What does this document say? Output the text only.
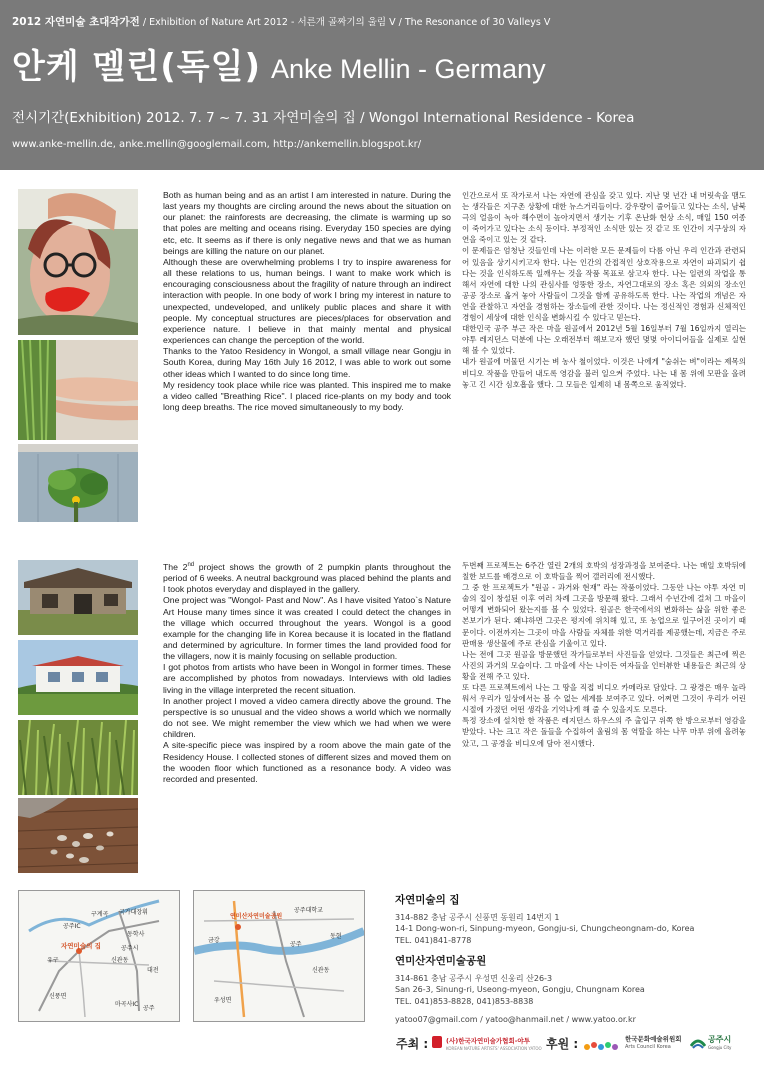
2012 자연미술 초대작가전 / Exhibition of Nature Art 2012 - 서른개 골짜기의 울림 Ⅴ / The Resonance of 30 Valleys Ⅴ
안케 멜린(독일) Anke Mellin - Germany
전시기간(Exhibition) 2012. 7. 7 ~ 7. 31 자연미술의 집 / Wongol International Residence - Korea
www.anke-mellin.de, anke.mellin@googlemail.com, http://ankemellin.blogspot.kr/

Both as human being and as an artist I am interested in nature. During the last years my thoughts are circling around the news about the situation on our planet: the rainforests are decreasing, the climate is warming up so that poles are melting and oceans rising. Everyday 150 species are dying etc, etc. It seems as if there is only negative news and that we as human beings are killing the nature on our planet.

Although these are overwhelming problems I try to inspire awareness for all these relations to us, human beings. I want to make work which is encouraging consciousness about the fragility of nature through an indirect interaction with people. In one body of work I bring my interest in nature to unexpected, undeveloped, and unlikely public places and share it with people. My conceptual structures are pieces/places for observation and experience nature. I believe in that mainly mental and physical experiences can change the perception of the world.

Thanks to the Yatoo Residency in Wongol, a small village near Gongju in South Korea, during May 16th July 16 2012, I was able to work out some other ideas which I wanted to do since long time.

My residency took place while rice was planted. This inspired me to make a video called "Breathing Rice". I placed rice-plants on my body and took long deep breaths. The rice moved simultaneously to my body.

인간으로서 또 작가로서 나는 자연에 관심을 갖고 있다. 지난 몇 년간 내 머릿속을 맴도는 생각들은 지구촌 상황에 대한 뉴스거리들이다. 강우량이 줄어들고 있다는 소식, 남북극의 얼음이 녹아 해수면이 높아지면서 생기는 기후 온난화 현상 소식, 매일 150 여종이 죽어가고 있다는 소식 등이다. 부정적인 소식만 있는 것 같고 또 인간이 지구상의 자연을 죽이고 있는 것 같다.

이 문제들은 엄청난 것들인데 나는 이러한 모든 문제들이 다름 아닌 우리 인간과 관련되어 있음을 상기시키고자 한다. 나는 인간의 간접적인 상호작용으로 자연이 파괴되기 쉽다는 것을 인식하도록 일깨우는 것을 작품 목표로 삼고자 한다. 나는 일련의 작업을 통해서 자연에 대한 나의 관심사를 엉뚱한 장소, 자연그대로의 장소 혹은 의외의 장소인 공공 장소로 옮겨 놓아 사람들이 그것을 함께 공유하도록 한다. 나는 작업의 개념은 자연을 관찰하고 자연을 경험하는 장소들에 관한 것이다. 나는 정신적인 경험과 신체적인 경험이 세상에 대한 인식을 변화시킬 수 있다고 믿는다.

대한민국 공주 부근 작은 마을 원골에서 2012년 5월 16일부터 7월 16일까지 열리는 야투 레지던스 덕분에 나는 오래전부터 해보고자 했던 몇몇 아이디어들을 실제로 실현해 볼 수 있었다.

내가 원골에 머물던 시기는 벼 농사 철이었다. 이것은 나에게 "숨쉬는 벼"이라는 제목의 비디오 작품을 만들어 내도록 영감을 불러 일으켜 주었다. 나는 내 몸 위에 모판을 올려놓고 긴 시간 심호흡을 했다. 그 모들은 일제히 내 몸쪽으로 움직였다.

The 2nd project shows the growth of 2 pumpkin plants throughout the period of 6 weeks. A neutral background was placed behind the plants and I took photos everyday and displayed in the gallery.

One project was "Wongol- Past and Now". As I have visited Yatoo`s Nature Art House many times since it was created I could detect the changes in the village which occurred throughout the years. Wongol is a good example for the changing life in Korea because it is located in the flatland and determined by agriculture. In former times the land provided food for the villagers, now it is mainly focusing on sellable production.

I got photos from artists who have been in Wongol in former times. These are accomplished by photos from nowadays. Interviews with old ladies living in the village interpreted the recent situation.

In another project I moved a video camera directly above the ground. The perspective is so unusual and the video shows a world which we normally do not see. We might remember the view which we had when we were children.

A site-specific piece was inspired by a room above the main gate of the Residency House. I collected stones of different sizes and moved them on the wooden floor which functioned as a resonance body. A video was recorded and presented.

두번째 프로젝트는 6주간 열린 2개의 호박의 성장과정을 보여준다. 나는 매일 호박뒤에 칠한 보드를 배경으로 이 호박들을 찍어 갤러리에 전시했다.

그 중 한 프로젝트가 "원골 - 과거와 현재" 라는 작품이었다. 그동안 나는 야투 자연 미술의 집이 창설된 이후 여러 차례 그곳을 방문해 왔다. 그래서 수년간에 걸쳐 그 마을이 어떻게 변화되어 왔는지를 볼 수 있었다. 원골은 한국에서의 변화하는 삶을 위한 좋은 본보기가 된다. 왜냐하면 그곳은 평지에 위치해 있고, 또 농업으로 일구어진 곳이기 때문이다. 이전까지는 그곳이 마을 사람들 자체를 위한 먹거리를 제공했는데, 지금은 주로 판매용 생산물에 주로 관심을 기울이고 있다.

나는 전에 그곳 원골을 방문했던 작가들로부터 사진들을 얻었다. 그것들은 최근에 찍은 사진의 과거의 모습이다. 그 마을에 사는 나이든 여자들을 인터뷰한 내용들은 최근의 상황을 전해 주고 있다.

또 다른 프로젝트에서 나는 그 땅을 직접 비디오 카메라로 담았다. 그 광경은 매우 놀라워서 우리가 일상에서는 볼 수 없는 세계를 보여주고 있다. 어쩌면 그것이 우리가 어린시절에 가졌던 어떤 생각을 기억나게 해 줄 수 있을지도 모른다.

특정 장소에 설치한 한 작품은 레지던스 하우스의 주 출입구 위쪽 한 방으로부터 영감을 받았다. 나는 크고 작은 돌들을 수집하여 울림의 몸 역할을 하는 나무 마루 위에 올려놓았고, 그 공경을 비디오에 담아 전시했다.

공주IC
구계곡 국가대장휘
동학사
공주시
자연미술의 집
유구
신풍면
대전
마곡사IC
공주
신관동
연미산자연미술공원
공주대학교
신관동
공주
금강
우성면
동현
자연미술의 집
314-882 충남 공주시 신풍면 동원리 14번지 1
14-1 Dong-won-ri, Sinpung-myeon, Gongju-si, Chungcheongnam-do, Korea
TEL. 041)841-8778
연미산자연미술공원
314-861 충남 공주시 우성면 신웅리 산26-3
San 26-3, Sinung-ri, Useong-myeon, Gongju, Chungnam Korea
TEL. 041)853-8828, 041)853-8838
yatoo07@gmail.com / yatoo@hanmail.net / www.yatoo.or.kr
주최 :	(사)한국자연미술가협회-야투
KOREAN NATURE ARTISTS' ASSOCIATION YATOO 후원 :	한국문화예술위원회
Arts Council Korea
공주시
Gongju City
